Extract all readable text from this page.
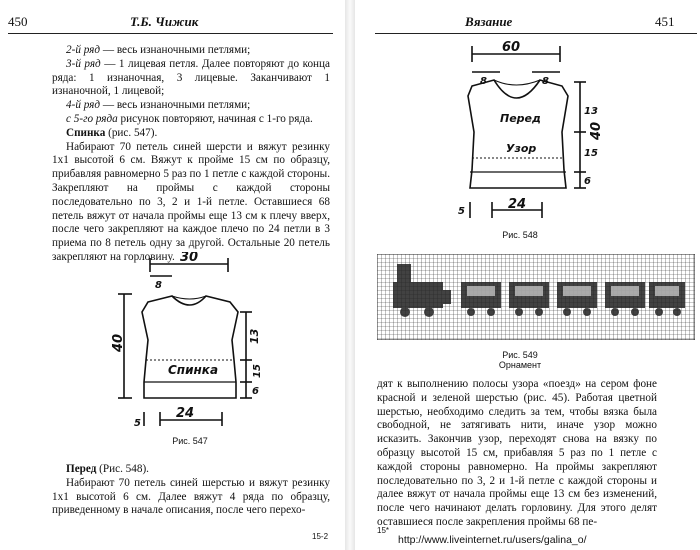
450	Т.Б. Чижик

2-й ряд — весь изнаночными петлями;

3-й ряд — 1 лицевая петля. Далее повторяют до конца ряда: 1 изнаночная, 3 лицевые. Заканчивают 1 изнаночной, 1 лицевой;

4-й ряд — весь изнаночными петлями;

с 5-го ряда рисунок повторяют, начиная с 1-го ряда.

Спинка (рис. 547).

Набирают 70 петель синей шерсти и вяжут резинку 1х1 высотой 6 см. Вяжут к пройме 15 см по образцу, прибавляя равномерно 5 раз по 1 петле с каждой стороны. Закрепляют на проймы с каждой стороны последовательно по 3, 2 и 1-й петле. Оставшиеся 68 петель вяжут от начала проймы еще 13 см к плечу вверх, после чего закрепляют на каждое плечо по 24 петли в 3 приема по 8 петель одну за другой. Остальные 20 петель закрепляют на горловину. 30
8
40	13
15
6
24
5
Спинка
Рис. 547

Перед (Рис. 548).

Набирают 70 петель синей шерстью и вяжут резинку 1х1 высотой 6 см. Далее вяжут 4 ряда по образцу, приведенному в начале описания, после чего перехо-

15-2
451
Вязание
60
8	8
40
13
15
6
24
5
Перед
Узор
Рис. 548
Рис. 549
Орнамент

дят к выполнению полосы узора «поезд» на сером фоне красной и зеленой шерстью (рис. 45). Работая цветной шерстью, необходимо следить за тем, чтобы вязка была свободной, не затягивать нити, иначе узор можно исказить. Закончив узор, переходят снова на вязку по образцу высотой 15 см, прибавляя 5 раз по 1 петле с каждой стороны равномерно. На проймы закрепляют последовательно по 3, 2 и 1-й петле с каждой стороны и далее вяжут от начала проймы еще 13 см без изменений, после чего начинают делать горловину. Для этого делят оставшиеся после закрепления проймы 68 пе-

15*
http://www.liveinternet.ru/users/galina_o/
